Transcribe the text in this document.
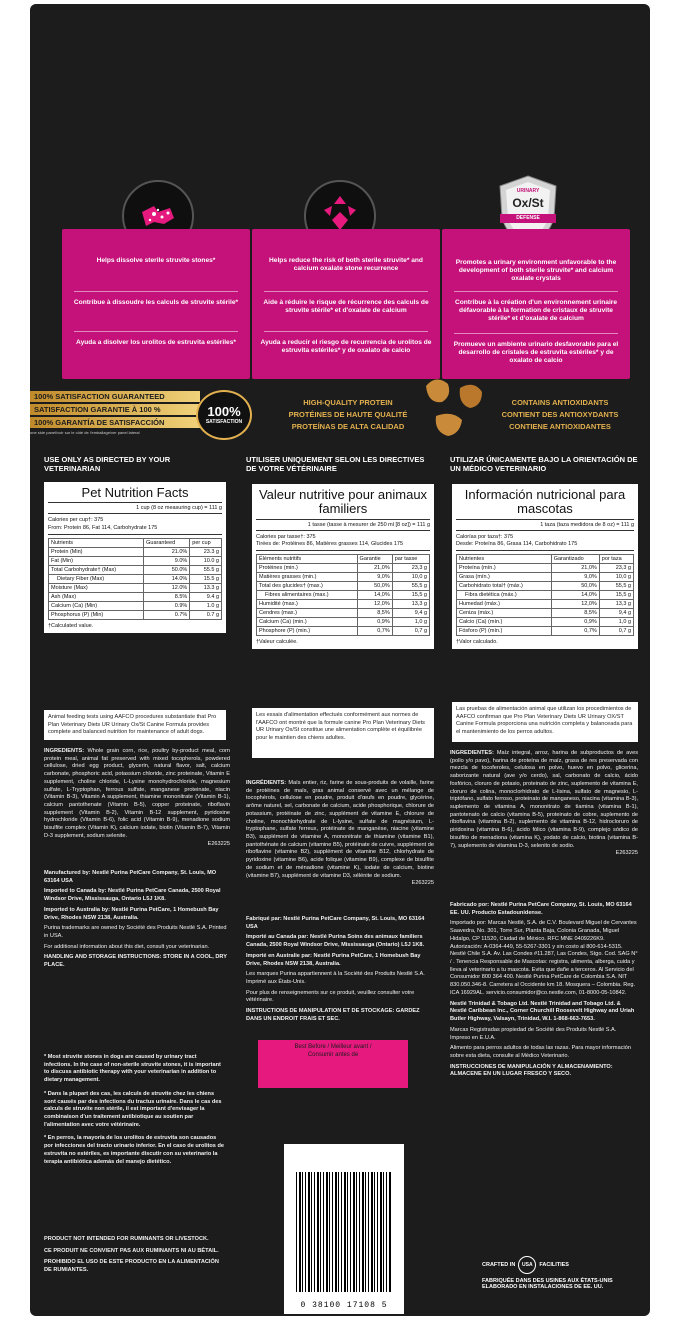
URINARY
Ox/St
DEFENSE
Helps dissolve sterile struvite stones*
Contribue à dissoudre les calculs de struvite stérile*
Ayuda a disolver los urolitos de estruvita estériles*
Helps reduce the risk of both sterile struvite* and calcium oxalate stone recurrence
Aide à réduire le risque de récurrence des calculs de struvite stérile* et d'oxalate de calcium
Ayuda a reducir el riesgo de recurrencia de urolitos de estruvita estériles* y de oxalato de calcio
Promotes a urinary environment unfavorable to the development of both sterile struvite* and calcium oxalate crystals
Contribue à la création d'un environnement urinaire défavorable à la formation de cristaux de struvite stérile* et d'oxalate de calcium
Promueve un ambiente urinario desfavorable para el desarrollo de cristales de estruvita estériles* y de oxalato de calcio
100% SATISFACTION GUARANTEED
SATISFACTION GARANTIE À 100 %
100% GARANTÍA DE SATISFACCIÓN
one side panel/voir sur le côté de l'emballage/ver panel lateral
100%
SATISFACTION
HIGH-QUALITY PROTEIN
PROTÉINES DE HAUTE QUALITÉ
PROTEÍNAS DE ALTA CALIDAD
CONTAINS ANTIOXIDANTS
CONTIENT DES ANTIOXYDANTS
CONTIENE ANTIOXIDANTES
USE ONLY AS DIRECTED BY YOUR VETERINARIAN
UTILISER UNIQUEMENT SELON LES DIRECTIVES DE VOTRE VÉTÉRINAIRE
UTILIZAR ÚNICAMENTE BAJO LA ORIENTACIÓN DE UN MÉDICO VETERINARIO
Pet Nutrition Facts
1 cup (8 oz measuring cup) = 111 g
Calories per cup†: 375
From: Protein 86, Fat 114, Carbohydrate 175
Nutrients	Guaranteed	per cup
Protein (Min)	21.0%	23.3 g
Fat (Min)	9.0%	10.0 g
Total Carbohydrate† (Max)	50.0%	55.5 g
Dietary Fiber (Max)	14.0%	15.5 g
Moisture (Max)	12.0%	13.3 g
Ash (Max)	8.5%	9.4 g
Calcium (Ca) (Min)	0.9%	1.0 g
Phosphorus (P) (Min)	0.7%	0.7 g
†Calculated value.
Valeur nutritive pour animaux familiers
1 tasse (tasse à mesurer de 250 ml [8 oz]) = 111 g
Calories par tasse†: 375
Tirées de: Protéines 86, Matières grasses 114, Glucides 175
Éléments nutritifs	Garantie	par tasse
Protéines (min.)	21,0%	23,3 g
Matières grasses (min.)	9,0%	10,0 g
Total des glucides† (max.)	50,0%	55,5 g
Fibres alimentaires (max.)	14,0%	15,5 g
Humidité (max.)	12,0%	13,3 g
Cendres (max.)	8,5%	9,4 g
Calcium (Ca) (min.)	0,9%	1,0 g
Phosphore (P) (min.)	0,7%	0,7 g
†Valeur calculée.
Información nutricional para mascotas
1 taza (taza medidora de 8 oz) = 111 g
Calorías por taza†: 375
Desde: Proteína 86, Grasa 114, Carbohidrato 175
Nutrientes	Garantizado	por taza
Proteína (mín.)	21,0%	23,3 g
Grasa (mín.)	9,0%	10,0 g
Carbohidrato total† (máx.)	50,0%	55,5 g
Fibra dietética (máx.)	14,0%	15,5 g
Humedad (máx.)	12,0%	13,3 g
Ceniza (máx.)	8,5%	9,4 g
Calcio (Ca) (mín.)	0,9%	1,0 g
Fósforo (P) (mín.)	0,7%	0,7 g
†Valor calculado.
Animal feeding tests using AAFCO procedures substantiate that Pro Plan Veterinary Diets UR Urinary Ox/St Canine Formula provides complete and balanced nutrition for maintenance of adult dogs.
Les essais d'alimentation effectués conformément aux normes de l'AAFCO ont montré que la formule canine Pro Plan Veterinary Diets UR Urinary Ox/St constitue une alimentation complète et équilibrée pour le maintien des chiens adultes.
Las pruebas de alimentación animal que utilizan los procedimientos de AAFCO confirman que Pro Plan Veterinary Diets UR Urinary OX/ST Canine Formula proporciona una nutrición completa y balanceada para el mantenimiento de los perros adultos.
INGREDIENTS: Whole grain corn, rice, poultry by-product meal, corn protein meal, animal fat preserved with mixed tocopherols, powdered cellulose, dried egg product, glycerin, natural flavor, salt, calcium carbonate, phosphoric acid, potassium chloride, zinc proteinate, Vitamin E supplement, choline chloride, L-Lysine monohydrochloride, magnesium sulfate, L-Tryptophan, ferrous sulfate, manganese proteinate, niacin (Vitamin B-3), Vitamin A supplement, thiamine mononitrate (Vitamin B-1), calcium pantothenate (Vitamin B-5), copper proteinate, riboflavin supplement (Vitamin B-2), Vitamin B-12 supplement, pyridoxine hydrochloride (Vitamin B-6), folic acid (Vitamin B-9), menadione sodium bisulfite complex (Vitamin K), calcium iodate, biotin (Vitamin B-7), Vitamin D-3 supplement, sodium selenite.
E263225
INGRÉDIENTS: Maïs entier, riz, farine de sous-produits de volaille, farine de protéines de maïs, gras animal conservé avec un mélange de tocophérols, cellulose en poudre, produit d'œufs en poudre, glycérine, arôme naturel, sel, carbonate de calcium, acide phosphorique, chlorure de potassium, protéinate de zinc, supplément de vitamine E, chlorure de choline, monochlorhydrate de L-lysine, sulfate de magnésium, L-tryptophane, sulfate ferreux, protéinate de manganèse, niacine (vitamine B3), supplément de vitamine A, mononitrate de thiamine (vitamine B1), pantothénate de calcium (vitamine B5), protéinate de cuivre, supplément de riboflavine (vitamine B2), supplément de vitamine B12, chlorhydrate de pyridoxine (vitamine B6), acide folique (vitamine B9), complexe de bisulfite de sodium et de ménadione (vitamine K), iodate de calcium, biotine (vitamine B7), supplément de vitamine D3, sélénite de sodium.
E263225
INGREDIENTES: Maíz integral, arroz, harina de subproductos de aves (pollo y/o pavo), harina de proteína de maíz, grasa de res preservada con mezcla de tocoferoles, celulosa en polvo, huevo en polvo, glicerina, saborizante natural (ave y/o cerdo), sal, carbonato de calcio, ácido fosfórico, cloruro de potasio, proteinato de zinc, suplemento de vitamina E, cloruro de colina, monoclorhidrato de L-lisina, sulfato de magnesio, L-triptófano, sulfato ferroso, proteinato de manganeso, niacina (vitamina B-3), suplemento de vitamina A, mononitrato de tiamina (vitamina B-1), pantotenato de calcio (vitamina B-5), proteinato de cobre, suplemento de riboflavina (vitamina B-2), suplemento de vitamina B-12, hidrocloruro de piridoxina (vitamina B-6), ácido fólico (vitamina B-9), complejo sódico de bisulfito de menadiona (vitamina K), yodato de calcio, biotina (vitamina B-7), suplemento de vitamina D-3, selenito de sodio.
E263225
Manufactured by: Nestlé Purina PetCare Company, St. Louis, MO 63164 USA
Imported to Canada by: Nestlé Purina PetCare Canada, 2500 Royal Windsor Drive, Mississauga, Ontario L5J 1K8.
Imported to Australia by: Nestlé Purina PetCare, 1 Homebush Bay Drive, Rhodes NSW 2138, Australia.
Purina trademarks are owned by Société des Produits Nestlé S.A. Printed in USA.
For additional information about this diet, consult your veterinarian.
HANDLING AND STORAGE INSTRUCTIONS: STORE IN A COOL, DRY PLACE.
Fabriqué par: Nestlé Purina PetCare Company, St. Louis, MO 63164 USA
Importé au Canada par: Nestlé Purina Soins des animaux familiers Canada, 2500 Royal Windsor Drive, Mississauga (Ontario) L5J 1K8.
Importé en Australie par: Nestlé Purina PetCare, 1 Homebush Bay Drive, Rhodes NSW 2138, Australia.
Les marques Purina appartiennent à la Société des Produits Nestlé S.A. Imprimé aux États-Unis.
Pour plus de renseignements sur ce produit, veuillez consulter votre vétérinaire.
INSTRUCTIONS DE MANIPULATION ET DE STOCKAGE: GARDEZ DANS UN ENDROIT FRAIS ET SEC.
Fabricado por: Nestlé Purina PetCare Company, St. Louis, MO 63164 EE. UU. Producto Estadounidense.
Importado por: Marcas Nestlé, S.A. de C.V. Boulevard Miguel de Cervantes Saavedra, No. 301, Torre Sur, Planta Baja, Colonia Granada, Miguel Hidalgo, CP 11520, Ciudad de México. RFC MNE 0409226K9. Autorización: A-0364-449, 55-5267-3301 y sin costo al 800-614-5315. Nestlé Chile S.A. Av. Las Condes #11.287, Las Condes, Stgo. Cod. SAG N° / . Tenencia Responsable de Mascotas: registra, alimenta, alberga, cuida y lleva al veterinario a tu mascota. Evita que dañe a terceros. Al Servicio del Consumidor 800 364 400. Nestlé Purina PetCare de Colombia S.A. NIT 830.050.346-8. Carretera al Occidente km 18. Mosquera – Colombia. Reg. ICA 16929AL. servicio.consumidor@co.nestle.com, 01-8000-05-10842.
Nestlé Trinidad & Tobago Ltd. Nestlé Trinidad and Tobago Ltd. & Nestlé Caribbean Inc., Corner Churchill Roosevelt Highway and Uriah Butler Highway, Valsayn, Trinidad, W.I. 1-868-663-7653.
Marcas Registradas propiedad de Société des Produits Nestlé S.A. Impreso en E.U.A.
Alimento para perros adultos de todas las razas. Para mayor información sobre esta dieta, consulte al Médico Veterinario.
INSTRUCCIONES DE MANIPULACIÓN Y ALMACENAMIENTO: ALMACENE EN UN LUGAR FRESCO Y SECO.
* Most struvite stones in dogs are caused by urinary tract infections. In the case of non-sterile struvite stones, it is important to discuss antibiotic therapy with your veterinarian in addition to dietary management.
* Dans la plupart des cas, les calculs de struvite chez les chiens sont causés par des infections du tractus urinaire. Dans le cas des calculs de struvite non stérile, il est important d'envisager la combinaison d'un traitement antibiotique au soutien par l'alimentation avec votre vétérinaire.
* En perros, la mayoría de los urolitos de estruvita son causados por infecciones del tracto urinario inferior. En el caso de urolitos de estruvita no estériles, es importante discutir con su veterinario la terapia antibiótica además del manejo dietético.
PRODUCT NOT INTENDED FOR RUMINANTS OR LIVESTOCK.
CE PRODUIT NE CONVIENT PAS AUX RUMINANTS NI AU BÉTAIL.
PROHIBIDO EL USO DE ESTE PRODUCTO EN LA ALIMENTACIÓN DE RUMIANTES.
Best Before / Meilleur avant /
Consumir antes de
0 38100 17108 5
CRAFTED IN	USA	FACILITIES
FABRIQUÉE DANS DES USINES AUX ÉTATS-UNIS
ELABORADO EN INSTALACIONES DE EE. UU.
